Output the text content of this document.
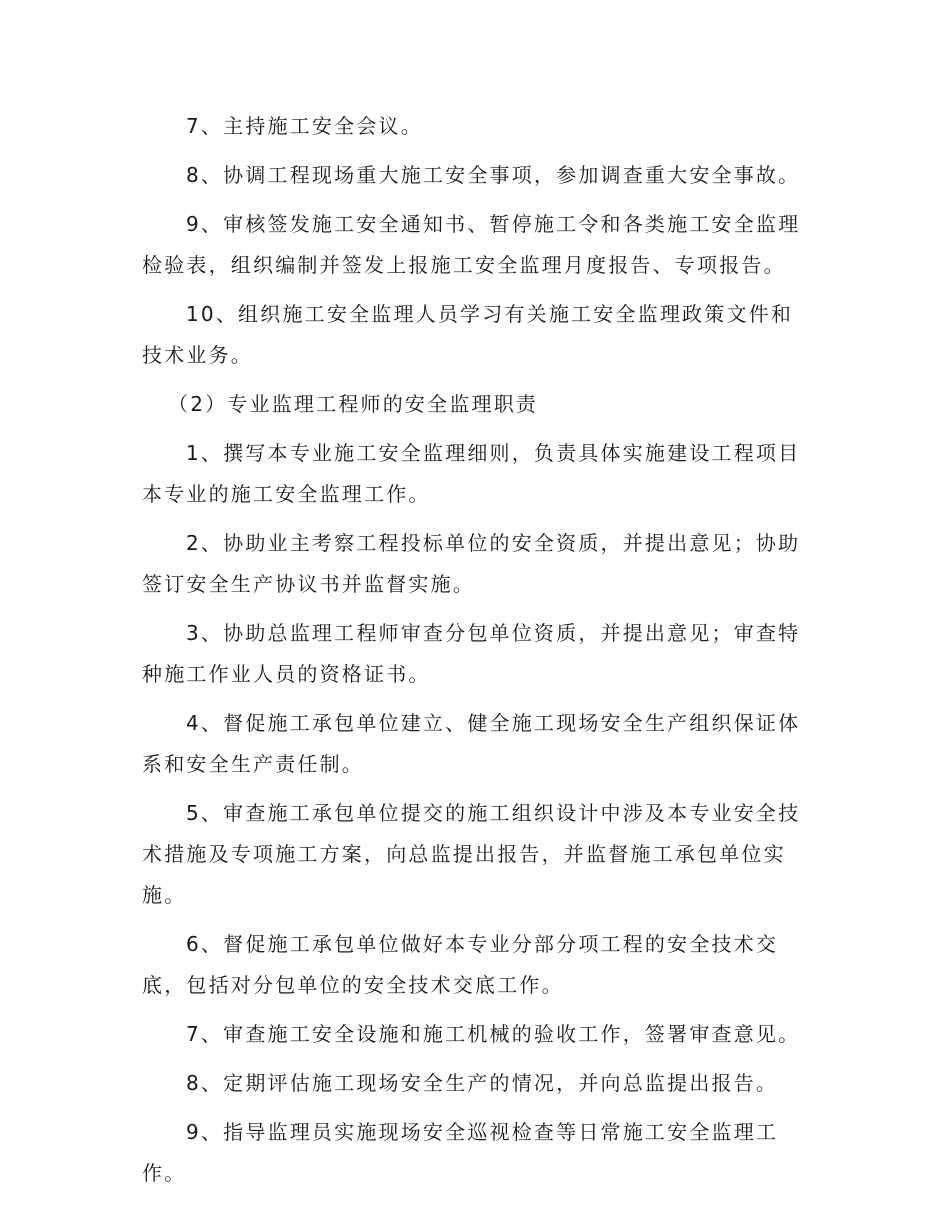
7、主持施工安全会议。

8、协调工程现场重大施工安全事项，参加调查重大安全事故。

9、审核签发施工安全通知书、暂停施工令和各类施工安全监理检验表，组织编制并签发上报施工安全监理月度报告、专项报告。

10、组织施工安全监理人员学习有关施工安全监理政策文件和技术业务。

（2）专业监理工程师的安全监理职责

1、撰写本专业施工安全监理细则，负责具体实施建设工程项目本专业的施工安全监理工作。

2、协助业主考察工程投标单位的安全资质，并提出意见；协助签订安全生产协议书并监督实施。

3、协助总监理工程师审查分包单位资质，并提出意见；审查特种施工作业人员的资格证书。

4、督促施工承包单位建立、健全施工现场安全生产组织保证体系和安全生产责任制。

5、审查施工承包单位提交的施工组织设计中涉及本专业安全技术措施及专项施工方案，向总监提出报告，并监督施工承包单位实施。

6、督促施工承包单位做好本专业分部分项工程的安全技术交底，包括对分包单位的安全技术交底工作。

7、审查施工安全设施和施工机械的验收工作，签署审查意见。

8、定期评估施工现场安全生产的情况，并向总监提出报告。

9、指导监理员实施现场安全巡视检查等日常施工安全监理工作。
